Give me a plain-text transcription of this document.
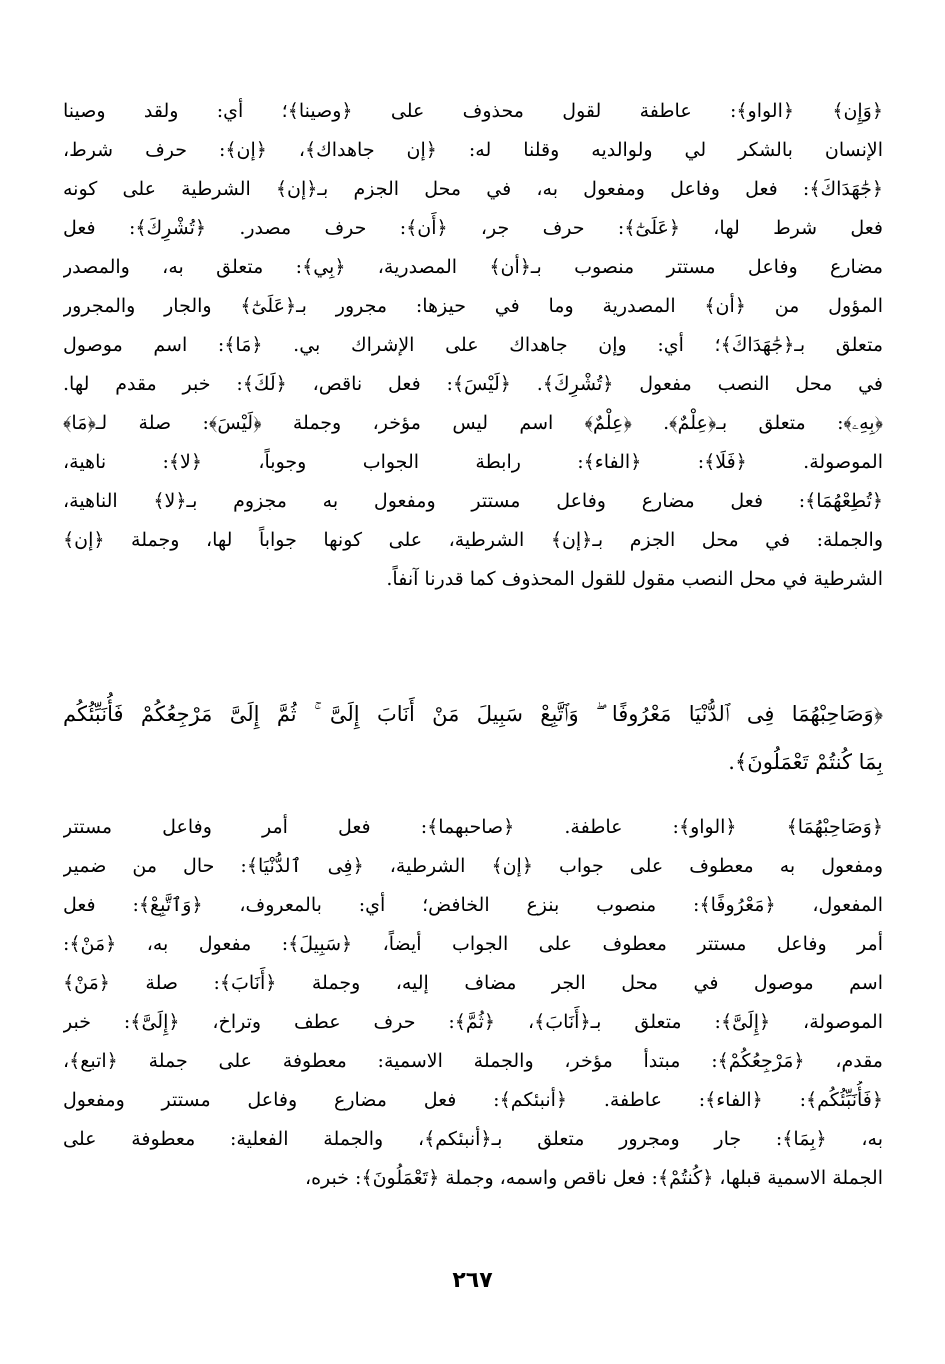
﴿وَإِن﴾ ﴿الواو﴾: عاطفة لقول محذوف على ﴿وصينا﴾؛ أي: ولقد وصينا
الإنسان بالشكر لي ولوالديه وقلنا له: ﴿إن جاهداك﴾، ﴿إن﴾: حرف شرط،
﴿جَٰهَدَاكَ﴾: فعل وفاعل ومفعول به، في محل الجزم بـ﴿إن﴾ الشرطية على كونه
فعل شرط لها، ﴿عَلَىٰٓ﴾: حرف جر، ﴿أَن﴾: حرف مصدر. ﴿تُشْرِكَ﴾: فعل
مضارع وفاعل مستتر منصوب بـ﴿أن﴾ المصدرية، ﴿بِي﴾: متعلق به، والمصدر
المؤول من ﴿أن﴾ المصدرية وما في حيزها: مجرور بـ﴿عَلَىٰٓ﴾ والجار والمجرور
متعلق بـ﴿جَٰهَدَاكَ﴾؛ أي: وإن جاهداك على الإشراك بي. ﴿مَا﴾: اسم موصول
في محل النصب مفعول ﴿تُشْرِكَ﴾. ﴿لَيْسَ﴾: فعل ناقص، ﴿لَكَ﴾: خبر مقدم لها.
﴿بِهِۦ﴾: متعلق بـ﴿عِلْمٌ﴾. ﴿عِلْمٌ﴾ اسم ليس مؤخر، وجملة ﴿لَيْسَ﴾: صلة لـ﴿مَا﴾
الموصولة. ﴿فَلَا﴾: ﴿الفاء﴾: رابطة الجواب وجوباً، ﴿لا﴾: ناهية،
﴿تُطِعْهُمَا﴾: فعل مضارع وفاعل مستتر ومفعول به مجزوم بـ﴿لا﴾ الناهية،
والجملة: في محل الجزم بـ﴿إن﴾ الشرطية، على كونها جواباً لها، وجملة ﴿إن﴾
الشرطية في محل النصب مقول للقول المحذوف كما قدرنا آنفاً.
﴿وَصَاحِبْهُمَا فِى ٱلدُّنْيَا مَعْرُوفًا ۖ وَٱتَّبِعْ سَبِيلَ مَنْ أَنَابَ إِلَىَّ ۚ ثُمَّ إِلَىَّ مَرْجِعُكُمْ فَأُنَبِّئُكُم
بِمَا كُنتُمْ تَعْمَلُونَ﴾.
﴿وَصَاحِبْهُمَا﴾ ﴿الواو﴾: عاطفة. ﴿صاحبهما﴾: فعل أمر وفاعل مستتر
ومفعول به معطوف على جواب ﴿إن﴾ الشرطية، ﴿فِى ٱلدُّنْيَا﴾: حال من ضمير
المفعول، ﴿مَعْرُوفًا﴾: منصوب بنزع الخافض؛ أي: بالمعروف، ﴿وَٱتَّبِعْ﴾: فعل
أمر وفاعل مستتر معطوف على الجواب أيضاً، ﴿سَبِيلَ﴾: مفعول به، ﴿مَنْ﴾:
اسم موصول في محل الجر مضاف إليه، وجملة ﴿أَنَابَ﴾: صلة ﴿مَنْ﴾
الموصولة، ﴿إِلَىَّ﴾: متعلق بـ﴿أَنَابَ﴾، ﴿ثُمَّ﴾: حرف عطف وتراخ، ﴿إِلَىَّ﴾: خبر
مقدم، ﴿مَرْجِعُكُمْ﴾: مبتدأ مؤخر، والجملة الاسمية: معطوفة على جملة ﴿اتبع﴾،
﴿فَأُنَبِّئُكُم﴾: ﴿الفاء﴾: عاطفة. ﴿أنبئكم﴾: فعل مضارع وفاعل مستتر ومفعول
به، ﴿بِمَا﴾: جار ومجرور متعلق بـ﴿أنبئكم﴾، والجملة الفعلية: معطوفة على
الجملة الاسمية قبلها، ﴿كُنتُمْ﴾: فعل ناقص واسمه، وجملة ﴿تَعْمَلُونَ﴾: خبره،
٢٦٧
